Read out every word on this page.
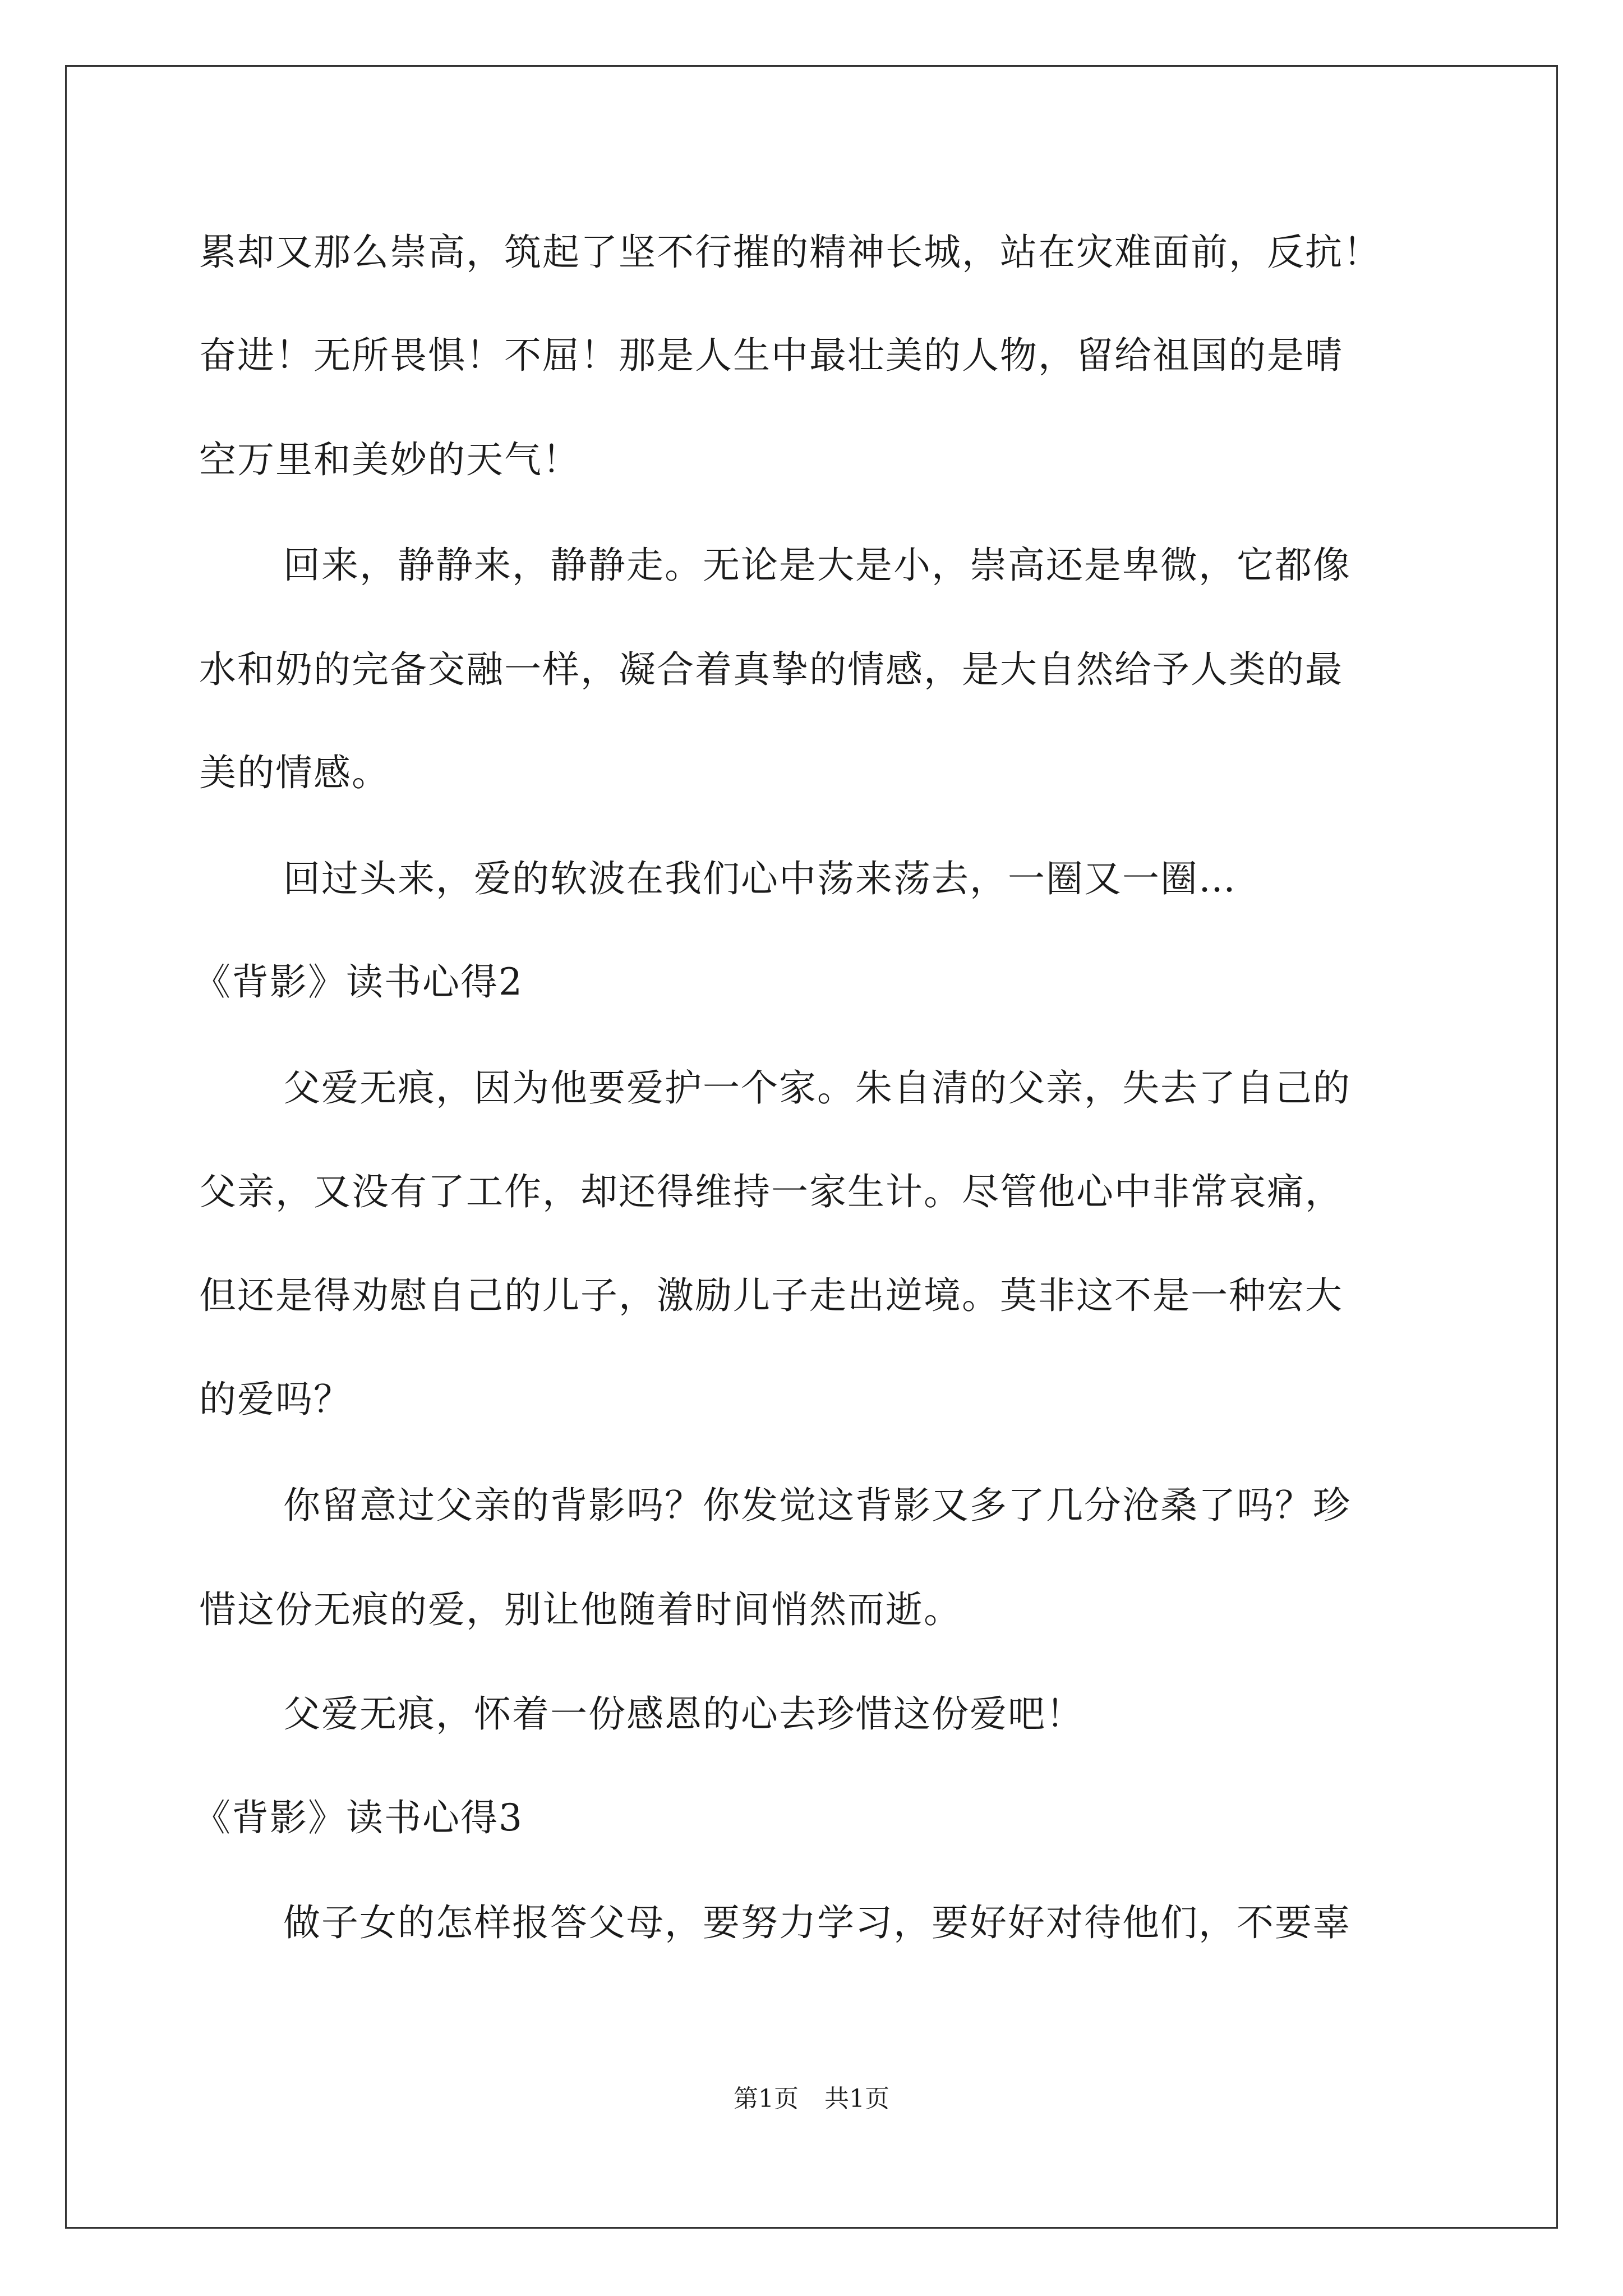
累却又那么崇高，筑起了坚不行摧的精神长城，站在灾难面前，反抗！
奋进！无所畏惧！不屈！那是人生中最壮美的人物，留给祖国的是晴
空万里和美妙的天气！
回来，静静来，静静走。无论是大是小，崇高还是卑微，它都像
水和奶的完备交融一样，凝合着真挚的情感，是大自然给予人类的最
美的情感。
回过头来，爱的软波在我们心中荡来荡去，一圈又一圈…
《背影》读书心得2
父爱无痕，因为他要爱护一个家。朱自清的父亲，失去了自己的
父亲，又没有了工作，却还得维持一家生计。尽管他心中非常哀痛，
但还是得劝慰自己的儿子，激励儿子走出逆境。莫非这不是一种宏大
的爱吗？
你留意过父亲的背影吗？你发觉这背影又多了几分沧桑了吗？珍
惜这份无痕的爱，别让他随着时间悄然而逝。
父爱无痕，怀着一份感恩的心去珍惜这份爱吧！
《背影》读书心得3
做子女的怎样报答父母，要努力学习，要好好对待他们，不要辜
第1页 共1页
